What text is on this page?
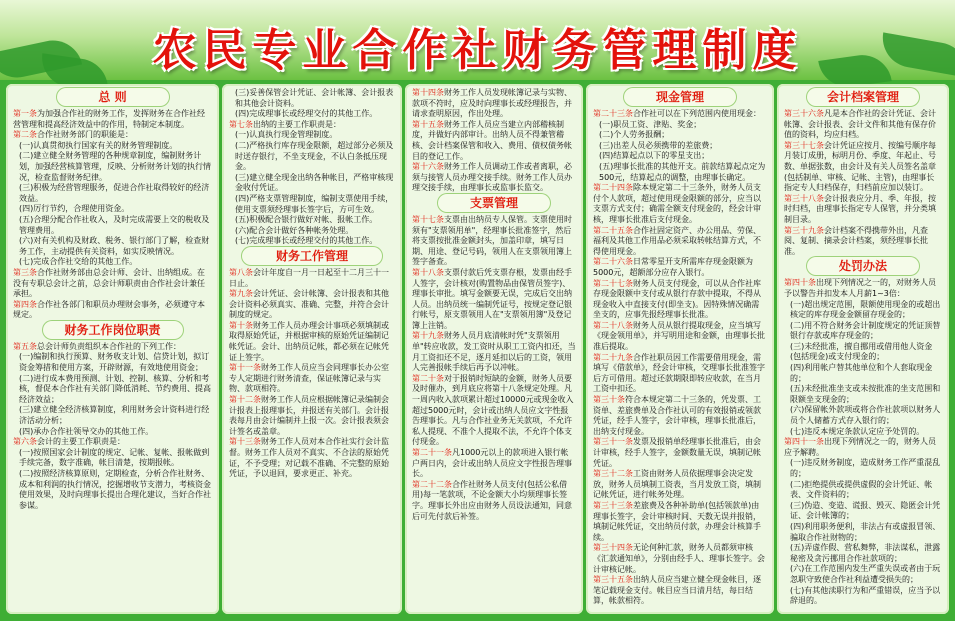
农民专业合作社财务管理制度
总 则

第一条为加强合作社的财务工作，发挥财务在合作社经营管理和提高经济效益中的作用，特制定本制度。

第二条合作社财务部门的职能是：

(一)认真贯彻执行国家有关的财务管理制度。

(二)建立健全财务管理的各种规章制度，编制财务计划，加强经营核算管理，反映、分析财务计划的执行情况，检查监督财务纪律。

(三)积极为经营管理服务，促进合作社取得较好的经济效益。

(四)厉行节约，合理使用资金。

(五)合理分配合作社收入，及时完成需要上交的税收及管理费用。

(六)对有关机构及财政、税务、银行部门了解，检查财务工作，主动提供有关资料，如实反映情况。

(七)完成合作社交给的其他工作。

第三条合作社财务部由总会计师、会计、出纳组成。在没有专职总会计之前，总会计师职责由合作社会计兼任承担。

第四条合作社各部门和职员办理财会事务，必须遵守本规定。

财务工作岗位职责

第五条总会计师负责组织本合作社的下列工作：

(一)编制和执行预算、财务收支计划、信贷计划，拟订资金筹措和使用方案，开辟财源，有效地使用资金；

(二)进行成本费用预测、计划、控制、核算、分析和考核，督促本合作社有关部门降低消耗、节约费用、提高经济效益；

(三)建立健全经济核算制度，利用财务会计资料进行经济活动分析；

(四)承办合作社领导交办的其他工作。

第六条会计的主要工作职责是：

(一)按照国家会计制度的规定、记帐、复帐、报帐做到手续完备，数字准确，帐目清楚，按期报帐。

(二)按照经济核算原则，定期检查，分析合作社财务、成本和利润的执行情况，挖掘增收节支潜力，考核资金使用效果，及时向理事长提出合理化建议，当好合作社参谋。

(三)妥善保管会计凭证、会计帐簿、会计报表和其他会计资料。

(四)完成理事长或经理交付的其他工作。

第七条出纳的主要工作职责是：

(一)认真执行现金管理制度。

(二)严格执行库存现金限额，超过部分必须及时送存银行，不坐支现金，不认白条抵压现金。

(三)建立健全现金出纳各种帐目，严格审核现金收付凭证。

(四)严格支票管理制度，编制支票使用手续，使用支票须经理事长签字后，方可生效。

(五)积极配合银行做好对帐、报帐工作。

(六)配合会计做好各种帐务处理。

(七)完成理事长或经理交付的其他工作。

财务工作管理

第八条会计年度自一月一日起至十二月三十一日止。

第九条会计凭证、会计帐簿、会计报表和其他会计资料必须真实、准确、完整，并符合会计制度的规定。

第十条财务工作人员办理会计事项必须填制或取得原始凭证，并根据审核的原始凭证编制记帐凭证。会计、出纳员记帐，都必须在记帐凭证上签字。

第十一条财务工作人员应当会同理事长办公室专人定期进行财务清查，保证帐簿记录与实物、款项相符。

第十二条财务工作人员应根据帐簿记录编制会计报表上报理事长，并报送有关部门。会计报表每月由会计编制并上报一次。会计报表须会计签名或盖章。

第十三条财务工作人员对本合作社实行会计监督。财务工作人员对不真实、不合法的原始凭证，不予受理；对记载不准确、不完整的原始凭证，予以退回，要求更正、补充。

第十四条财务工作人员发现帐簿记录与实物、款项不符时，应及时向理事长或经理报告，并请求查明原因，作出处理。

第十五条财务工作人员应当建立内部稽核制度，并做好内部审计。出纳人员不得兼管稽核、会计档案保管和收入、费用、债权债务帐目的登记工作。

第十六条财务工作人员调动工作或者离职，必须与接管人员办理交接手续。财务工作人员办理交接手续，由理事长或监事长监交。

支票管理

第十七条支票由出纳员专人保管。支票使用时须有"支票领用单"，经理事长批准签字，然后将支票按批准金额封头，加盖印章，填写日期、用途、登记号码，领用人在支票领用簿上签字备查。

第十八条支票付款后凭支票存根，发票由经手人签字，会计核对(购置物品由保管员签字)、理事长审批。填写金额要无误，完成后交出纳人员。出纳员统一编制凭证号，按规定登记银行帐号，原支票领用人在"支票领用簿"及登记簿上注销。

第十九条财务人员月底清帐时凭"支票领用单"转应收款，发工资时从职工工资内扣还，当月工资扣还不足，逐月延扣以后的工资，领用人完善报帐手续后再予以冲帐。

第二十条对于报销时短缺的金额，财务人员要及时催办，到月底应将第十八条规定处理。凡一周内收入款项累计超过10000元或现金收入超过5000元时，会计或出纳人员应文字性报告理事长。凡与合作社业务无关款项，不允许私人提现、不准个人提取不法，不允许个体支付现金。

第二十一条凡1000元以上的款项进入银行帐户两日内，会计或出纳人员应文字性报告理事长。

第二十二条合作社财务人员支付(包括公私借用)每一笔款项，不论金额大小均须理事长签字。理事长外出应由财务人员设法通知，同意后可先付款后补签。

现金管理

第二十三条合作社可以在下列范围内使用现金：

(一)职员工资、津贴、奖金；

(二)个人劳务报酬；

(三)出差人员必须携带的差旅费；

(四)结算起点以下的零星支出；

(五)理事长批准的其他开支。前款结算起点定为500元，结算起点的调整，由理事长确定。

第二十四条除本规定第二十三条外，财务人员支付个人款项，超过使用现金限额的部分，应当以支票方式支付；确需全额支付现金的，经会计审核，理事长批准后支付现金。

第二十五条合作社固定资产、办公用品、劳保、福利及其他工作用品必须采取转帐结算方式，不得使用现金。

第二十六条日常零星开支所需库存现金限额为5000元，超额部分应存入银行。

第二十七条财务人员支付现金，可以从合作社库存现金限额中支付或从银行存款中提取，不得从现金收入中直接支付(即坐支)。因特殊情况确需坐支的，应事先报经理事长批准。

第二十八条财务人员从银行提取现金，应当填写《现金领用单》，并写明用途和金额，由理事长批准后提取。

第二十九条合作社职员因工作需要借用现金，需填写《借款单》，经会计审核，交理事长批准签字后方可借用。超过还款期限即转应收款，在当月工资中扣还。

第三十条符合本规定第二十三条的，凭发票、工资单、差旅费单及合作社认可的有效报销或领款凭证，经手人签字，会计审核，理事长批准后，出纳支付现金。

第三十一条发票及报销单经理事长批准后，由会计审核，经手人签字，金额数量无误，填制记帐凭证。

第三十二条工资由财务人员依据理事会决定发放，财务人员填制工资表，当月发放工资，填制记帐凭证，进行帐务处理。

第三十三条差旅费及各种补助单(包括领款单)由理事长签字，会计审核时间、天数无误并报销，填制记帐凭证，交出纳员付款，办理会计核算手续。

第三十四条无论何种汇款，财务人员都须审核《汇款通知单》，分别由经手人、理事长签字。会计审核记帐。

第三十五条出纳人员应当建立健全现金帐目，逐笔记载现金支付。帐目应当日清月结，每日结算，帐款相符。

会计档案管理

第三十六条凡是本合作社的会计凭证、会计帐簿、会计报表、会计文件和其他有保存价值的资料，均应归档。

第三十七条会计凭证应按月、按编号顺序每月装订成册，标明月份、季度、年起止、号数、单据张数，由会计及有关人员签名盖章(包括制单、审核、记帐、主管)，由理事长指定专人归档保存，归档前应加以装订。

第三十八条会计报表应分月、季、年报，按时归档，由理事长指定专人保管，并分类填制目录。

第三十九条会计档案不得携带外出，凡查阅、复制、摘录会计档案，须经理事长批准。

处罚办法

第四十条出现下列情况之一的，对财务人员予以警告并扣发本人月薪1~3倍：

(一)超出规定范围，限额使用现金的或超出核定的库存现金金额留存现金的；

(二)用不符合财务会计制度规定的凭证顶替银行存款或库存现金的；

(三)未经批准，擅自挪用或借用他人资金(包括现金)或支付现金的；

(四)利用帐户替其他单位和个人套取现金的；

(五)未经批准坐支或未按批准的坐支范围和限额坐支现金的；

(六)保留帐外款项或将合作社款项以财务人员个人储蓄方式存入银行的；

(七)违反本规定条款认定应予处罚的。

第四十一条出现下列情况之一的，财务人员应予解聘。

(一)违反财务制度，造成财务工作严重混乱的；

(二)拒绝提供或提供虚假的会计凭证、帐表、文件资料的；

(三)伪造、变造、谎报、毁灭、隐匿会计凭证、会计帐簿的；

(四)利用职务便利，非法占有或虚报冒领、骗取合作社财物的；

(五)弄虚作假、营私舞弊，非法谋私，泄露秘密及贪污挪用合作社款项的；

(六)在工作范围内发生严重失误或者由于玩忽职守致使合作社利益遭受损失的；

(七)有其他渎职行为和严重错误，应当予以辞退的。
